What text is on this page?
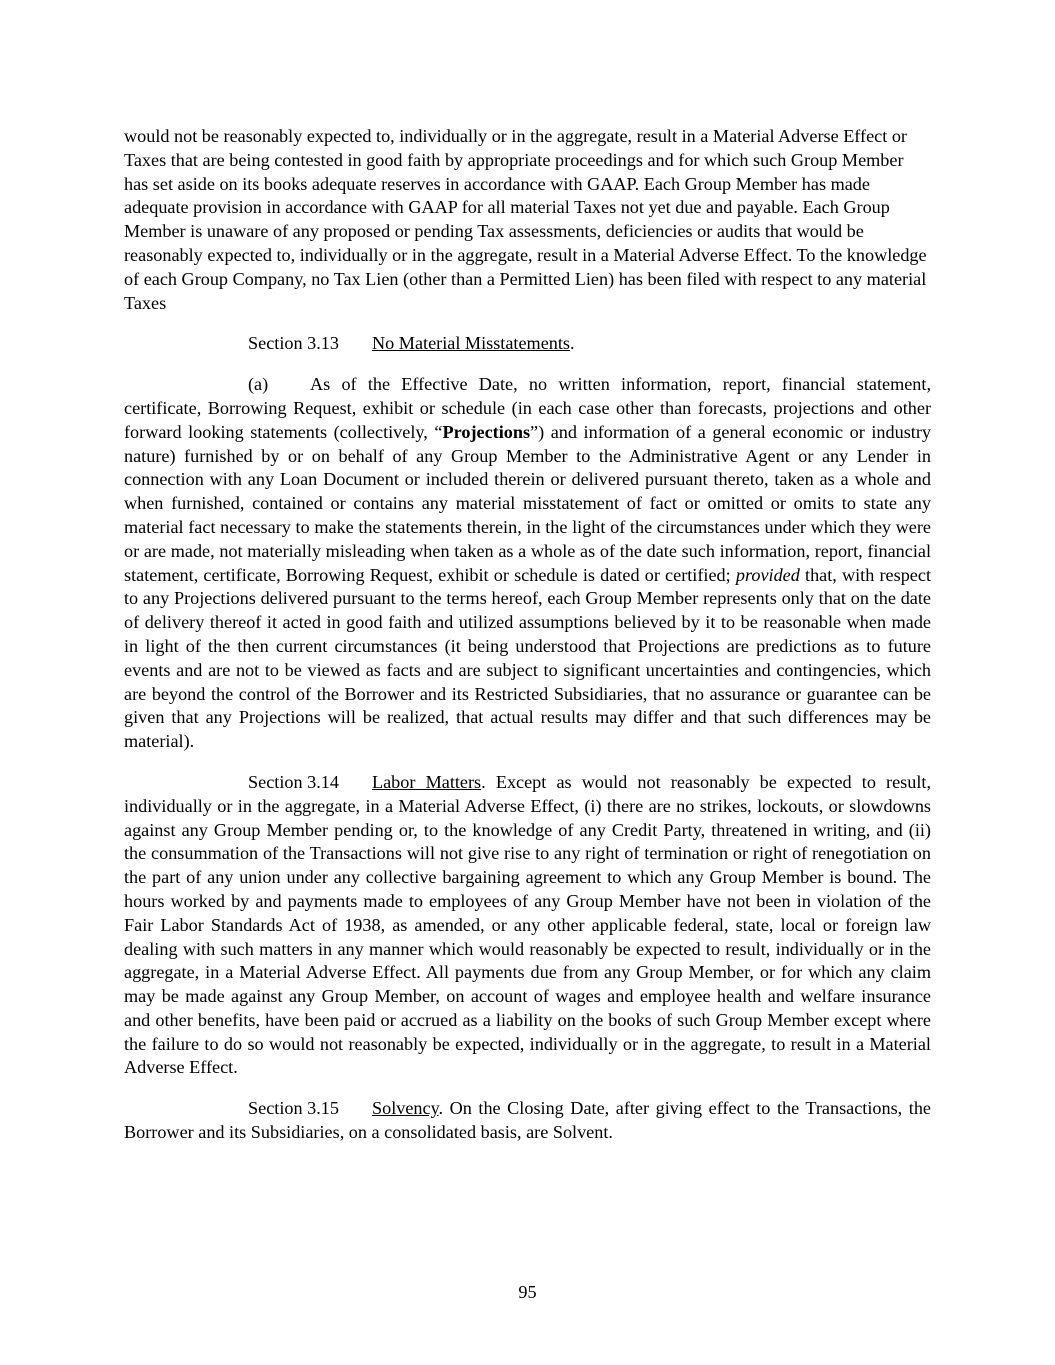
would not be reasonably expected to, individually or in the aggregate, result in a Material Adverse Effect or Taxes that are being contested in good faith by appropriate proceedings and for which such Group Member has set aside on its books adequate reserves in accordance with GAAP. Each Group Member has made adequate provision in accordance with GAAP for all material Taxes not yet due and payable. Each Group Member is unaware of any proposed or pending Tax assessments, deficiencies or audits that would be reasonably expected to, individually or in the aggregate, result in a Material Adverse Effect. To the knowledge of each Group Company, no Tax Lien (other than a Permitted Lien) has been filed with respect to any material Taxes

Section 3.13 No Material Misstatements.

(a) As of the Effective Date, no written information, report, financial statement, certificate, Borrowing Request, exhibit or schedule (in each case other than forecasts, projections and other forward looking statements (collectively, “Projections”) and information of a general economic or industry nature) furnished by or on behalf of any Group Member to the Administrative Agent or any Lender in connection with any Loan Document or included therein or delivered pursuant thereto, taken as a whole and when furnished, contained or contains any material misstatement of fact or omitted or omits to state any material fact necessary to make the statements therein, in the light of the circumstances under which they were or are made, not materially misleading when taken as a whole as of the date such information, report, financial statement, certificate, Borrowing Request, exhibit or schedule is dated or certified; provided that, with respect to any Projections delivered pursuant to the terms hereof, each Group Member represents only that on the date of delivery thereof it acted in good faith and utilized assumptions believed by it to be reasonable when made in light of the then current circumstances (it being understood that Projections are predictions as to future events and are not to be viewed as facts and are subject to significant uncertainties and contingencies, which are beyond the control of the Borrower and its Restricted Subsidiaries, that no assurance or guarantee can be given that any Projections will be realized, that actual results may differ and that such differences may be material).

Section 3.14 Labor Matters. Except as would not reasonably be expected to result, individually or in the aggregate, in a Material Adverse Effect, (i) there are no strikes, lockouts, or slowdowns against any Group Member pending or, to the knowledge of any Credit Party, threatened in writing, and (ii) the consummation of the Transactions will not give rise to any right of termination or right of renegotiation on the part of any union under any collective bargaining agreement to which any Group Member is bound. The hours worked by and payments made to employees of any Group Member have not been in violation of the Fair Labor Standards Act of 1938, as amended, or any other applicable federal, state, local or foreign law dealing with such matters in any manner which would reasonably be expected to result, individually or in the aggregate, in a Material Adverse Effect. All payments due from any Group Member, or for which any claim may be made against any Group Member, on account of wages and employee health and welfare insurance and other benefits, have been paid or accrued as a liability on the books of such Group Member except where the failure to do so would not reasonably be expected, individually or in the aggregate, to result in a Material Adverse Effect.

Section 3.15 Solvency. On the Closing Date, after giving effect to the Transactions, the Borrower and its Subsidiaries, on a consolidated basis, are Solvent.

95
